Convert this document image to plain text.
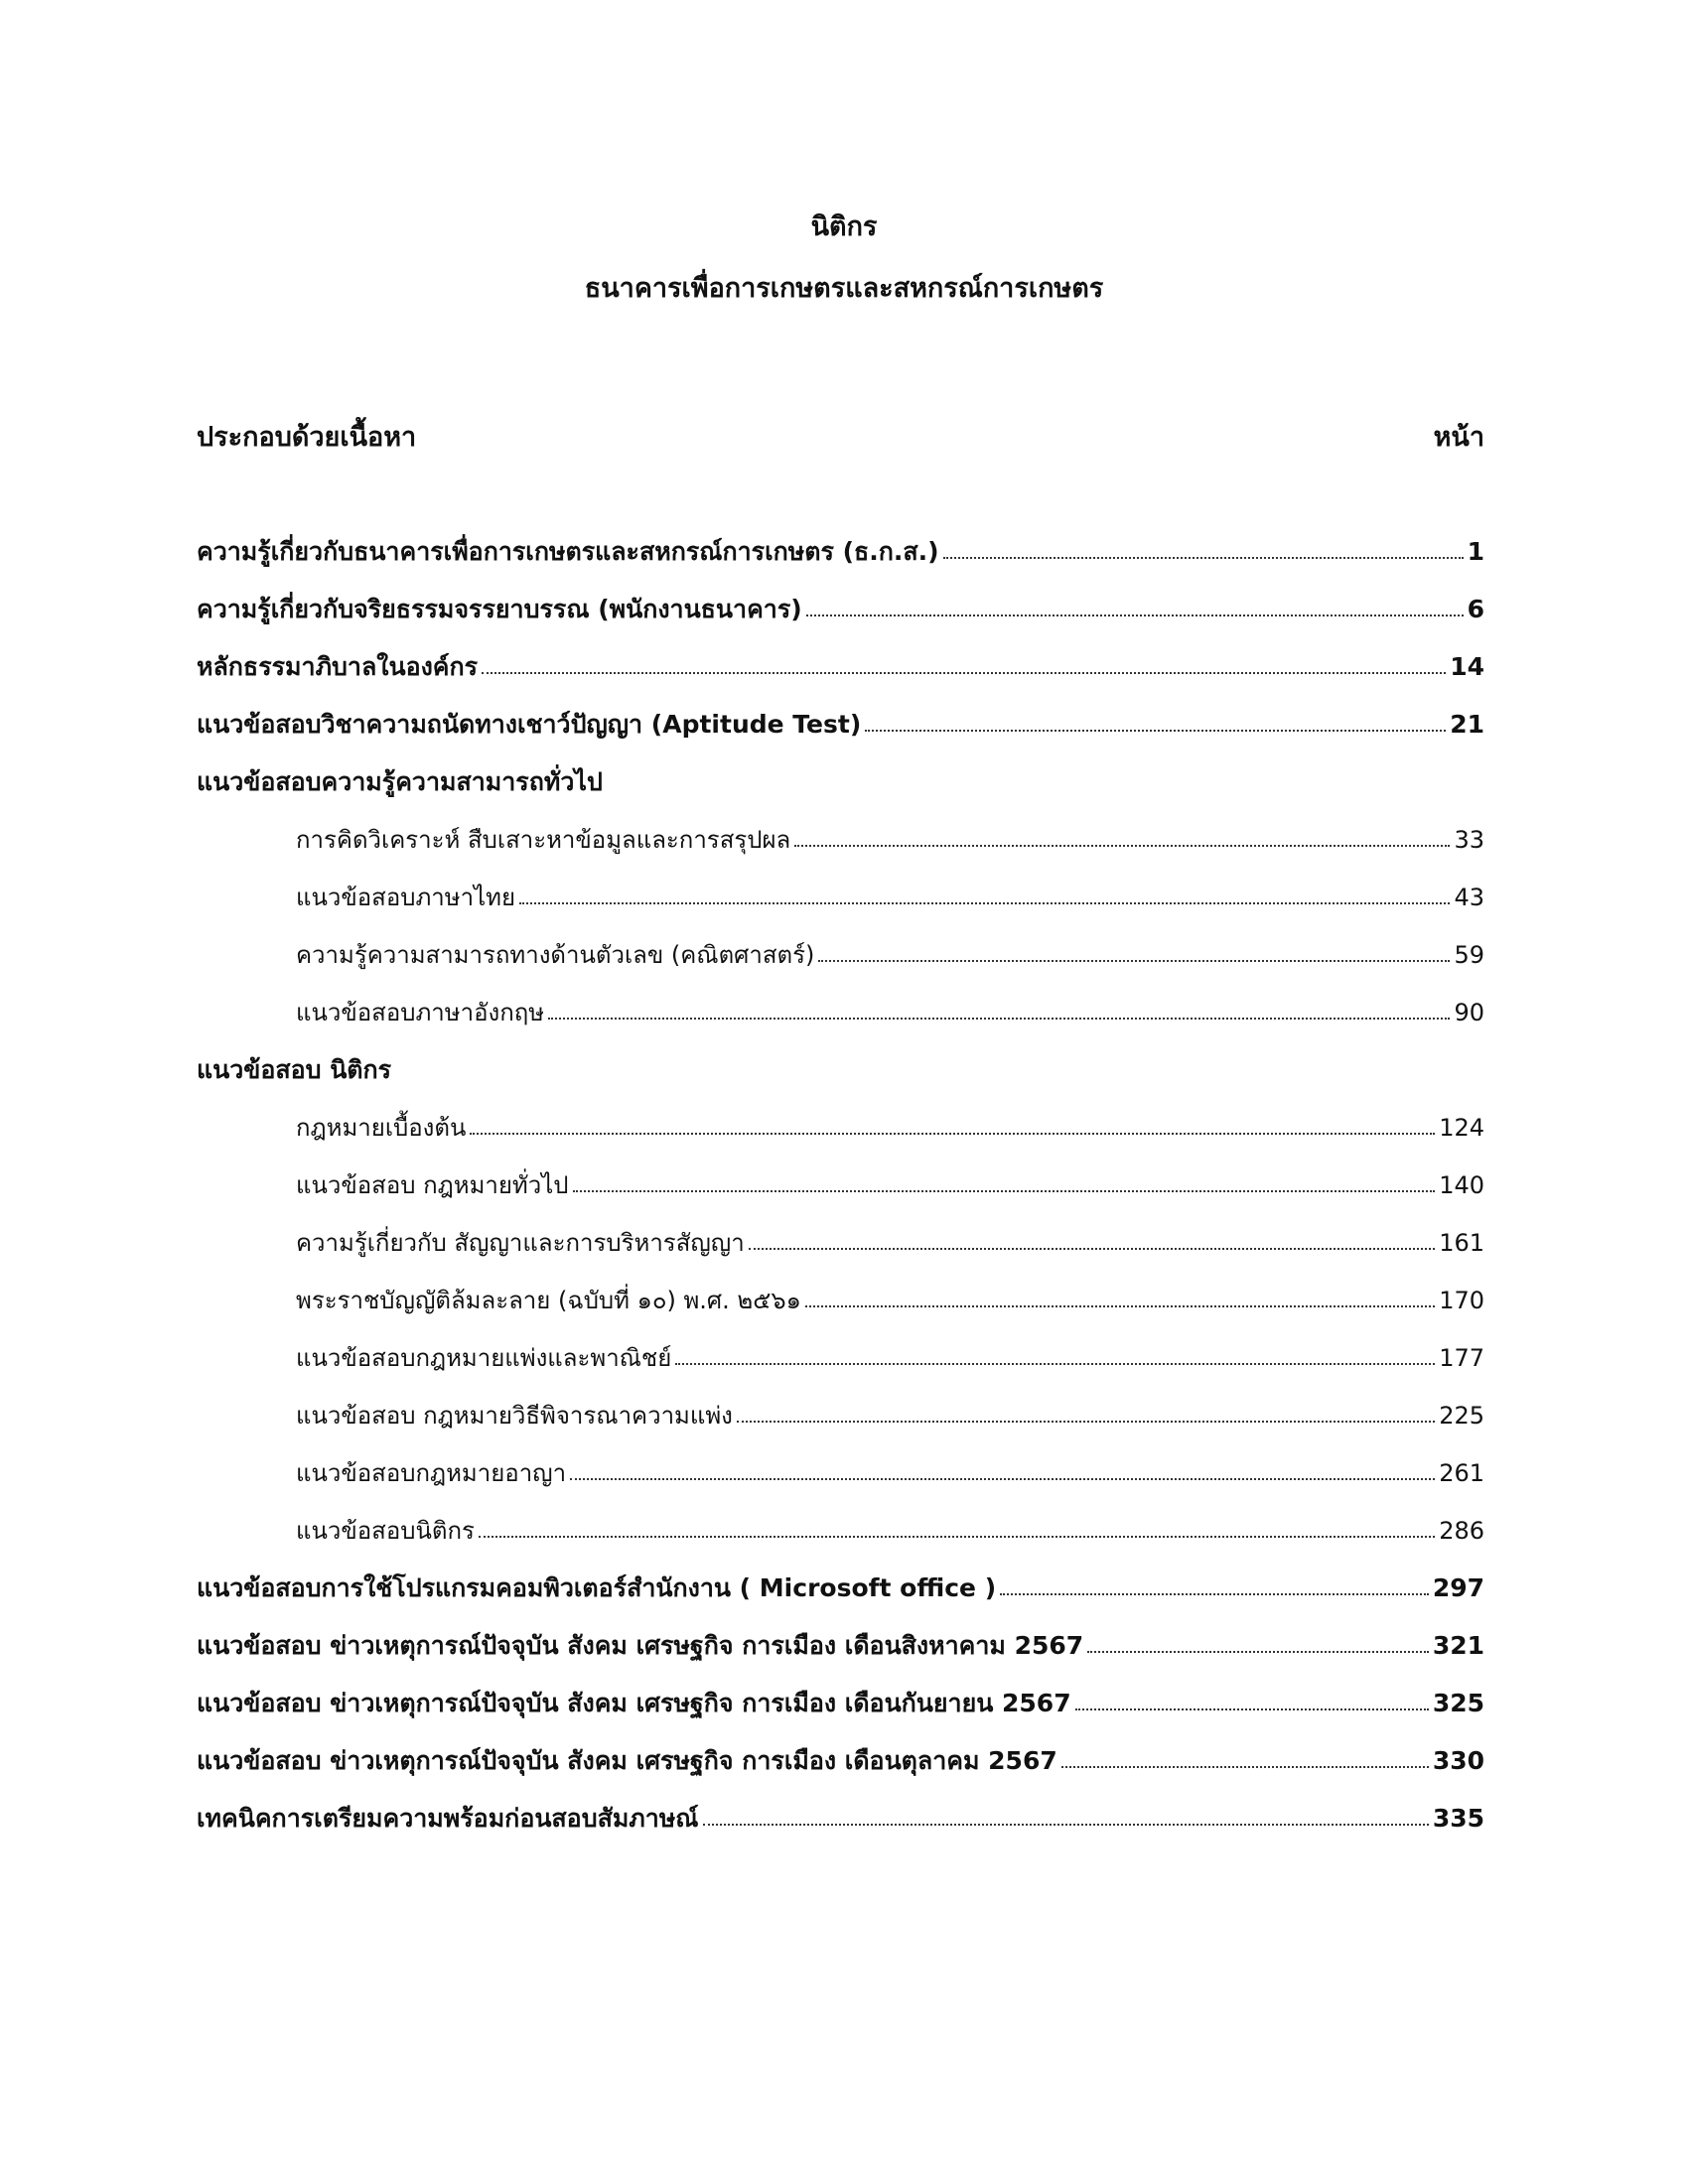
นิติกร
ธนาคารเพื่อการเกษตรและสหกรณ์การเกษตร
ประกอบด้วยเนื้อหา	หน้า
ความรู้เกี่ยวกับธนาคารเพื่อการเกษตรและสหกรณ์การเกษตร (ธ.ก.ส.)	1
ความรู้เกี่ยวกับจริยธรรมจรรยาบรรณ (พนักงานธนาคาร)	6
หลักธรรมาภิบาลในองค์กร	14
แนวข้อสอบวิชาความถนัดทางเชาว์ปัญญา (Aptitude Test)	21
แนวข้อสอบความรู้ความสามารถทั่วไป
การคิดวิเคราะห์ สืบเสาะหาข้อมูลและการสรุปผล	33
แนวข้อสอบภาษาไทย	43
ความรู้ความสามารถทางด้านตัวเลข (คณิตศาสตร์)	59
แนวข้อสอบภาษาอังกฤษ	90
แนวข้อสอบ นิติกร
กฎหมายเบื้องต้น	124
แนวข้อสอบ กฎหมายทั่วไป	140
ความรู้เกี่ยวกับ สัญญาและการบริหารสัญญา	161
พระราชบัญญัติล้มละลาย (ฉบับที่ ๑๐) พ.ศ. ๒๕๖๑	170
แนวข้อสอบกฎหมายแพ่งและพาณิชย์	177
แนวข้อสอบ กฎหมายวิธีพิจารณาความแพ่ง	225
แนวข้อสอบกฎหมายอาญา	261
แนวข้อสอบนิติกร	286
แนวข้อสอบการใช้โปรแกรมคอมพิวเตอร์สำนักงาน ( Microsoft office )	297
แนวข้อสอบ ข่าวเหตุการณ์ปัจจุบัน สังคม เศรษฐกิจ การเมือง เดือนสิงหาคาม 2567	321
แนวข้อสอบ ข่าวเหตุการณ์ปัจจุบัน สังคม เศรษฐกิจ การเมือง เดือนกันยายน 2567	325
แนวข้อสอบ ข่าวเหตุการณ์ปัจจุบัน สังคม เศรษฐกิจ การเมือง เดือนตุลาคม 2567	330
เทคนิคการเตรียมความพร้อมก่อนสอบสัมภาษณ์	335
